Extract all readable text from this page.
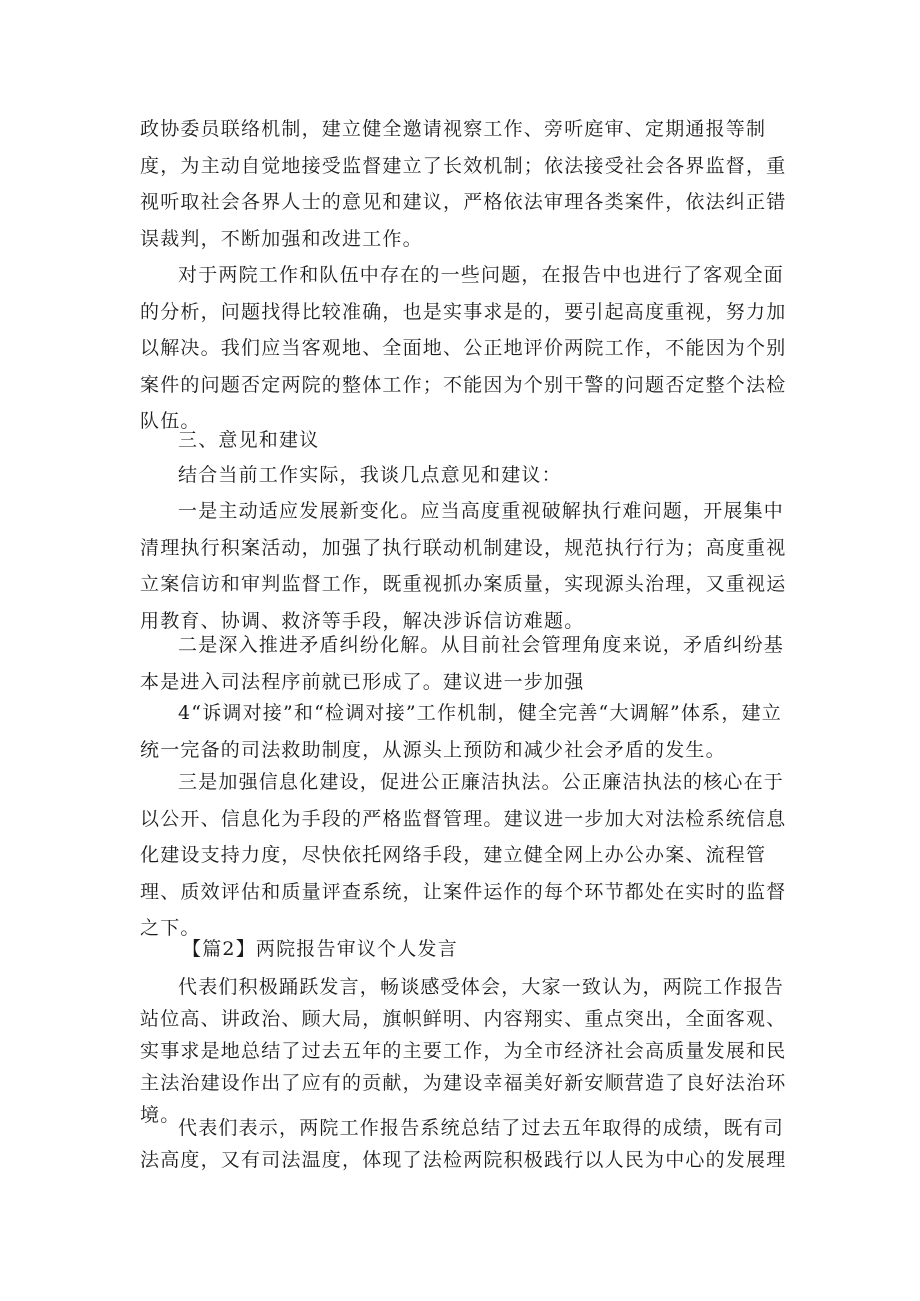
政协委员联络机制，建立健全邀请视察工作、旁听庭审、定期通报等制度，为主动自觉地接受监督建立了长效机制；依法接受社会各界监督，重视听取社会各界人士的意见和建议，严格依法审理各类案件，依法纠正错误裁判，不断加强和改进工作。

对于两院工作和队伍中存在的一些问题，在报告中也进行了客观全面的分析，问题找得比较准确，也是实事求是的，要引起高度重视，努力加以解决。我们应当客观地、全面地、公正地评价两院工作，不能因为个别案件的问题否定两院的整体工作；不能因为个别干警的问题否定整个法检队伍。

三、意见和建议

结合当前工作实际，我谈几点意见和建议：

一是主动适应发展新变化。应当高度重视破解执行难问题，开展集中清理执行积案活动，加强了执行联动机制建设，规范执行行为；高度重视立案信访和审判监督工作，既重视抓办案质量，实现源头治理，又重视运用教育、协调、救济等手段，解决涉诉信访难题。

二是深入推进矛盾纠纷化解。从目前社会管理角度来说，矛盾纠纷基本是进入司法程序前就已形成了。建议进一步加强

4“诉调对接”和“检调对接”工作机制，健全完善“大调解”体系，建立统一完备的司法救助制度，从源头上预防和减少社会矛盾的发生。

三是加强信息化建设，促进公正廉洁执法。公正廉洁执法的核心在于以公开、信息化为手段的严格监督管理。建议进一步加大对法检系统信息化建设支持力度，尽快依托网络手段，建立健全网上办公办案、流程管理、质效评估和质量评查系统，让案件运作的每个环节都处在实时的监督之下。

【篇2】两院报告审议个人发言

代表们积极踊跃发言，畅谈感受体会，大家一致认为，两院工作报告站位高、讲政治、顾大局，旗帜鲜明、内容翔实、重点突出，全面客观、实事求是地总结了过去五年的主要工作，为全市经济社会高质量发展和民主法治建设作出了应有的贡献，为建设幸福美好新安顺营造了良好法治环境。

代表们表示，两院工作报告系统总结了过去五年取得的成绩，既有司法高度，又有司法温度，体现了法检两院积极践行以人民为中心的发展理
